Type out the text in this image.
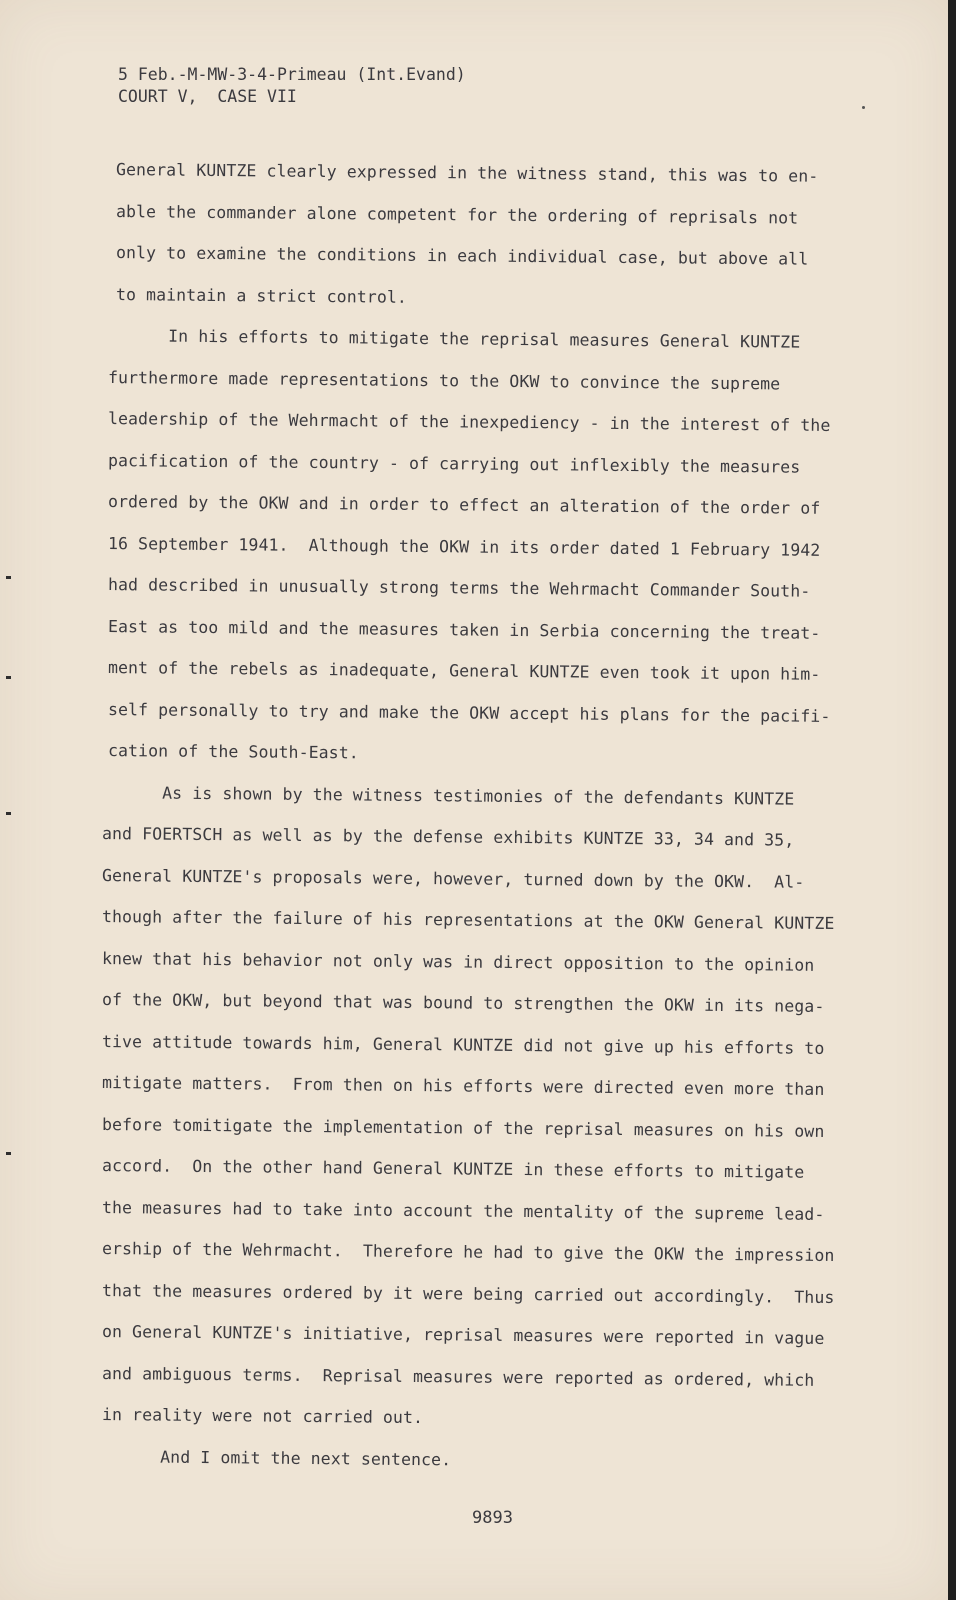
5 Feb.-M-MW-3-4-Primeau (Int.Evand)
COURT V,  CASE VII
General KUNTZE clearly expressed in the witness stand, this was to en-
able the commander alone competent for the ordering of reprisals not
only to examine the conditions in each individual case, but above all
to maintain a strict control.
In his efforts to mitigate the reprisal measures General KUNTZE
furthermore made representations to the OKW to convince the supreme
leadership of the Wehrmacht of the inexpediency - in the interest of the
pacification of the country - of carrying out inflexibly the measures
ordered by the OKW and in order to effect an alteration of the order of
16 September 1941.  Although the OKW in its order dated 1 February 1942
had described in unusually strong terms the Wehrmacht Commander South-
East as too mild and the measures taken in Serbia concerning the treat-
ment of the rebels as inadequate, General KUNTZE even took it upon him-
self personally to try and make the OKW accept his plans for the pacifi-
cation of the South-East.
As is shown by the witness testimonies of the defendants KUNTZE
and FOERTSCH as well as by the defense exhibits KUNTZE 33, 34 and 35,
General KUNTZE's proposals were, however, turned down by the OKW.  Al-
though after the failure of his representations at the OKW General KUNTZE
knew that his behavior not only was in direct opposition to the opinion
of the OKW, but beyond that was bound to strengthen the OKW in its nega-
tive attitude towards him, General KUNTZE did not give up his efforts to
mitigate matters.  From then on his efforts were directed even more than
before tomitigate the implementation of the reprisal measures on his own
accord.  On the other hand General KUNTZE in these efforts to mitigate
the measures had to take into account the mentality of the supreme lead-
ership of the Wehrmacht.  Therefore he had to give the OKW the impression
that the measures ordered by it were being carried out accordingly.  Thus
on General KUNTZE's initiative, reprisal measures were reported in vague
and ambiguous terms.  Reprisal measures were reported as ordered, which
in reality were not carried out.
And I omit the next sentence.
9893
